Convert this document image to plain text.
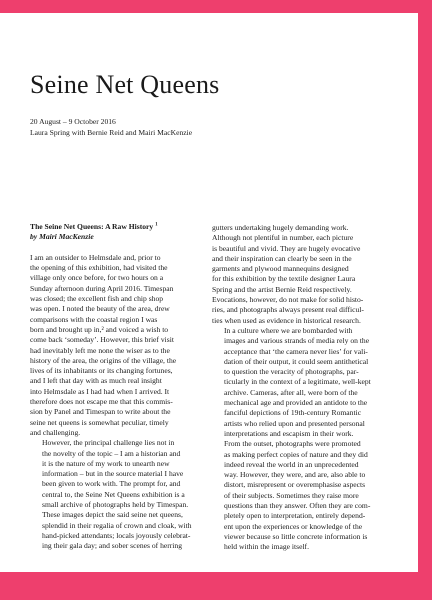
Seine Net Queens
20 August – 9 October 2016
Laura Spring with Bernie Reid and Mairi MacKenzie
The Seine Net Queens: A Raw History $^1$
by Mairi MacKenzie

I am an outsider to Helmsdale and, prior to
the opening of this exhibition, had visited the
village only once before, for two hours on a
Sunday afternoon during April 2016. Timespan
was closed; the excellent fish and chip shop
was open. I noted the beauty of the area, drew
comparisons with the coastal region I was
born and brought up in,² and voiced a wish to
come back ‘someday’. However, this brief visit
had inevitably left me none the wiser as to the
history of the area, the origins of the village, the
lives of its inhabitants or its changing fortunes,
and I left that day with as much real insight
into Helmsdale as I had had when I arrived. It
therefore does not escape me that this commis-
sion by Panel and Timespan to write about the
seine net queens is somewhat peculiar, timely
and challenging.

However, the principal challenge lies not in
the novelty of the topic – I am a historian and
it is the nature of my work to unearth new
information – but in the source material I have
been given to work with. The prompt for, and
central to, the Seine Net Queens exhibition is a
small archive of photographs held by Timespan.
These images depict the said seine net queens,
splendid in their regalia of crown and cloak, with
hand-picked attendants; locals joyously celebrat-
ing their gala day; and sober scenes of herring

gutters undertaking hugely demanding work.
Although not plentiful in number, each picture
is beautiful and vivid. They are hugely evocative
and their inspiration can clearly be seen in the
garments and plywood mannequins designed
for this exhibition by the textile designer Laura
Spring and the artist Bernie Reid respectively.
Evocations, however, do not make for solid histo-
ries, and photographs always present real difficul-
ties when used as evidence in historical research.

In a culture where we are bombarded with
images and various strands of media rely on the
acceptance that ‘the camera never lies’ for vali-
dation of their output, it could seem antithetical
to question the veracity of photographs, par-
ticularly in the context of a legitimate, well-kept
archive. Cameras, after all, were born of the
mechanical age and provided an antidote to the
fanciful depictions of 19th-century Romantic
artists who relied upon and presented personal
interpretations and escapism in their work.
From the outset, photographs were promoted
as making perfect copies of nature and they did
indeed reveal the world in an unprecedented
way. However, they were, and are, also able to
distort, misrepresent or overemphasise aspects
of their subjects. Sometimes they raise more
questions than they answer. Often they are com-
pletely open to interpretation, entirely depend-
ent upon the experiences or knowledge of the
viewer because so little concrete information is
held within the image itself.
